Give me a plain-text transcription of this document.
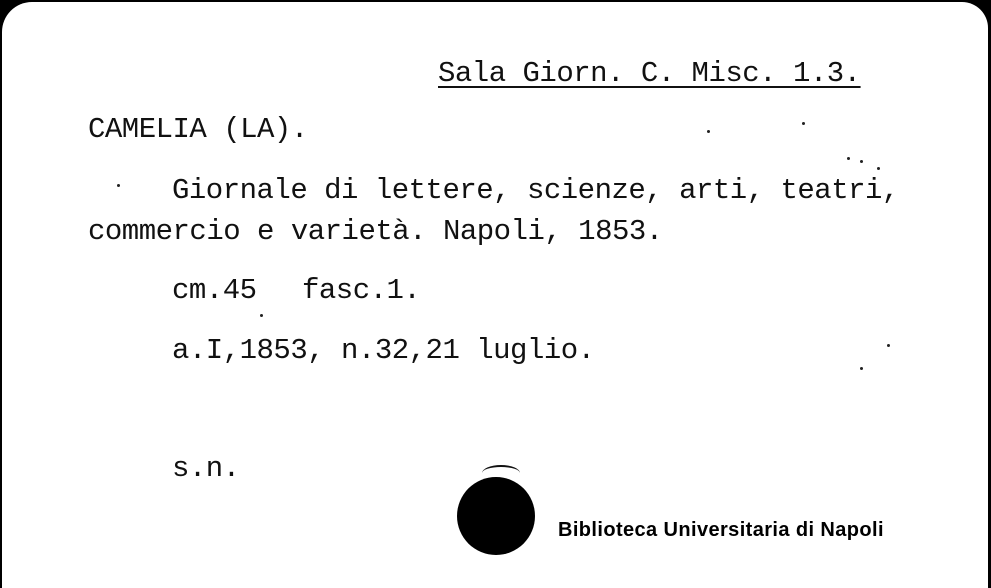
Sala Giorn. C. Misc. 1.3.
CAMELIA (LA).
Giornale di lettere, scienze, arti, teatri,
commercio e varietà. Napoli, 1853.
cm.45 fasc.1.
a.I,1853, n.32,21 luglio.
s.n.
Biblioteca Universitaria di Napoli
